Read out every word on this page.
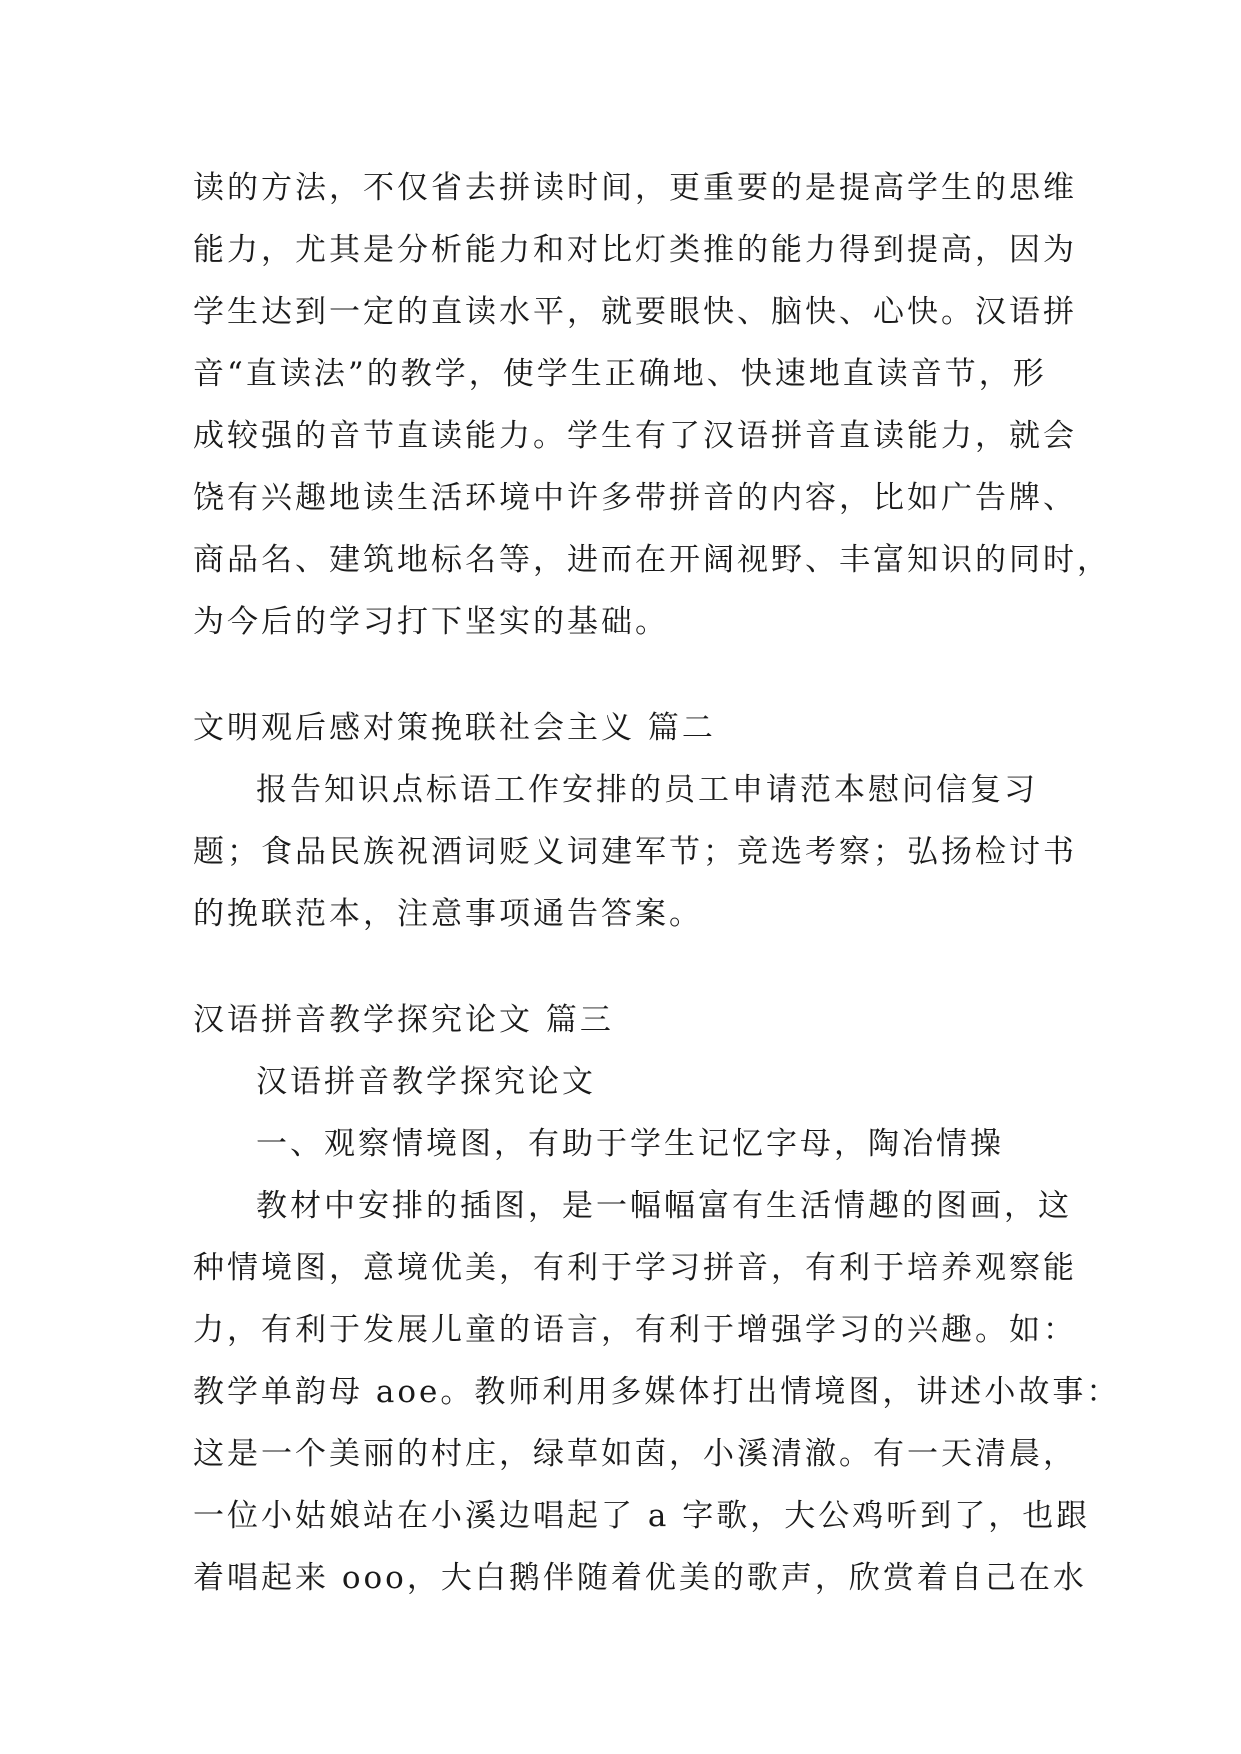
读的方法，不仅省去拼读时间，更重要的是提高学生的思维
能力，尤其是分析能力和对比灯类推的能力得到提高，因为
学生达到一定的直读水平，就要眼快、脑快、心快。汉语拼
音“直读法”的教学，使学生正确地、快速地直读音节，形
成较强的音节直读能力。学生有了汉语拼音直读能力，就会
饶有兴趣地读生活环境中许多带拼音的内容，比如广告牌、
商品名、建筑地标名等，进而在开阔视野、丰富知识的同时，
为今后的学习打下坚实的基础。
文明观后感对策挽联社会主义 篇二
报告知识点标语工作安排的员工申请范本慰问信复习
题；食品民族祝酒词贬义词建军节；竞选考察；弘扬检讨书
的挽联范本，注意事项通告答案。
汉语拼音教学探究论文 篇三
汉语拼音教学探究论文
一、观察情境图，有助于学生记忆字母，陶冶情操
教材中安排的插图，是一幅幅富有生活情趣的图画，这
种情境图，意境优美，有利于学习拼音，有利于培养观察能
力，有利于发展儿童的语言，有利于增强学习的兴趣。如：
教学单韵母 aoe。教师利用多媒体打出情境图，讲述小故事：
这是一个美丽的村庄，绿草如茵，小溪清澈。有一天清晨，
一位小姑娘站在小溪边唱起了 a 字歌，大公鸡听到了，也跟
着唱起来 ooo，大白鹅伴随着优美的歌声，欣赏着自己在水
